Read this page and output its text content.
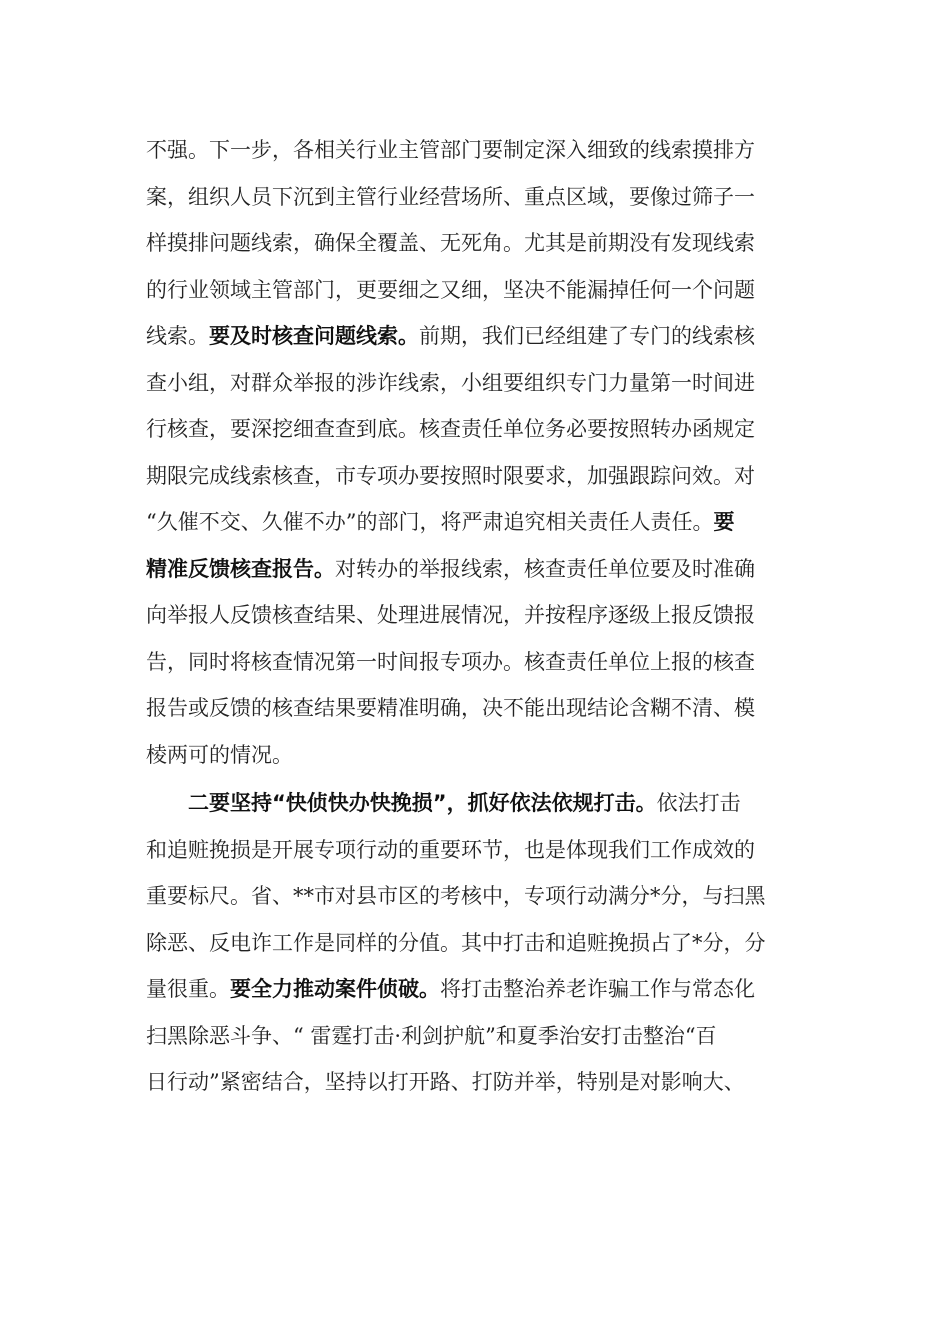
不强。下一步，各相关行业主管部门要制定深入细致的线索摸排方
案，组织人员下沉到主管行业经营场所、重点区域，要像过筛子一
样摸排问题线索，确保全覆盖、无死角。尤其是前期没有发现线索
的行业领域主管部门，更要细之又细，坚决不能漏掉任何一个问题
线索。要及时核查问题线索。前期，我们已经组建了专门的线索核
查小组，对群众举报的涉诈线索，小组要组织专门力量第一时间进
行核查，要深挖细查查到底。核查责任单位务必要按照转办函规定
期限完成线索核查，市专项办要按照时限要求，加强跟踪问效。对
“久催不交、久催不办”的部门，将严肃追究相关责任人责任。要
精准反馈核查报告。对转办的举报线索，核查责任单位要及时准确
向举报人反馈核查结果、处理进展情况，并按程序逐级上报反馈报
告，同时将核查情况第一时间报专项办。核查责任单位上报的核查
报告或反馈的核查结果要精准明确，决不能出现结论含糊不清、模
棱两可的情况。
　　二要坚持“快侦快办快挽损”，抓好依法依规打击。依法打击
和追赃挽损是开展专项行动的重要环节，也是体现我们工作成效的
重要标尺。省、**市对县市区的考核中，专项行动满分*分，与扫黑
除恶、反电诈工作是同样的分值。其中打击和追赃挽损占了*分，分
量很重。要全力推动案件侦破。将打击整治养老诈骗工作与常态化
扫黑除恶斗争、“ 雷霆打击·利剑护航”和夏季治安打击整治“百
日行动”紧密结合，坚持以打开路、打防并举，特别是对影响大、
